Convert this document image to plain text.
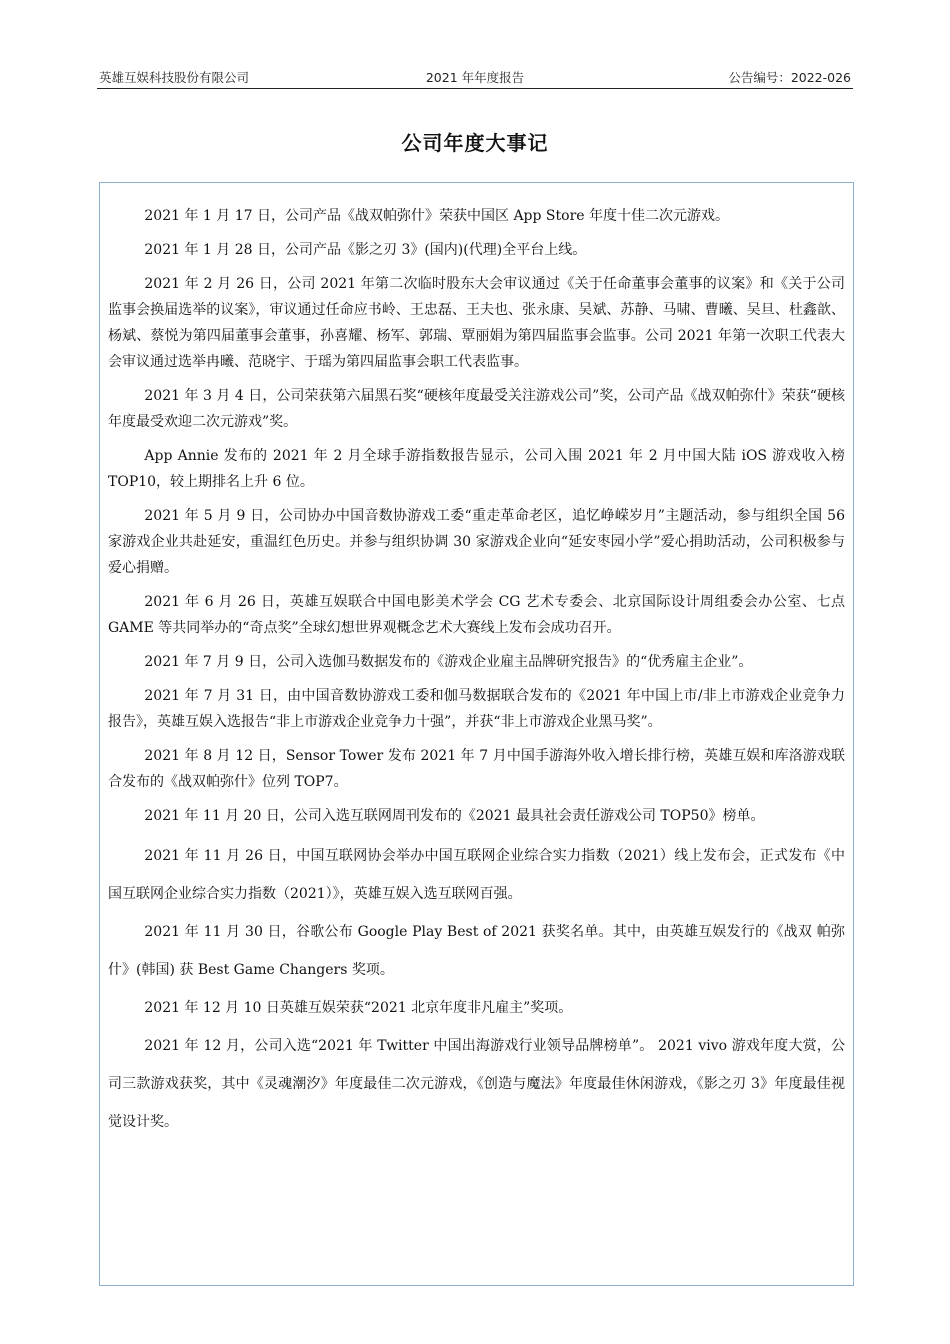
英雄互娱科技股份有限公司	2021 年年度报告	公告编号：2022-026
公司年度大事记

2021 年 1 月 17 日，公司产品《战双帕弥什》荣获中国区 App Store 年度十佳二次元游戏。

2021 年 1 月 28 日，公司产品《影之刃 3》(国内)(代理)全平台上线。

2021 年 2 月 26 日，公司 2021 年第二次临时股东大会审议通过《关于任命董事会董事的议案》和《关于公司监事会换届选举的议案》，审议通过任命应书岭、王忠磊、王夫也、张永康、吴斌、苏静、马啸、曹曦、吴旦、杜鑫歆、杨斌、蔡悦为第四届董事会董事，孙喜耀、杨军、郭瑞、覃丽娟为第四届监事会监事。公司 2021 年第一次职工代表大会审议通过选举冉曦、范晓宇、于瑶为第四届监事会职工代表监事。

2021 年 3 月 4 日，公司荣获第六届黑石奖“硬核年度最受关注游戏公司”奖，公司产品《战双帕弥什》荣获“硬核年度最受欢迎二次元游戏”奖。

App Annie 发布的 2021 年 2 月全球手游指数报告显示，公司入围 2021 年 2 月中国大陆 iOS 游戏收入榜 TOP10，较上期排名上升 6 位。

2021 年 5 月 9 日，公司协办中国音数协游戏工委“重走革命老区，追忆峥嵘岁月”主题活动，参与组织全国 56 家游戏企业共赴延安，重温红色历史。并参与组织协调 30 家游戏企业向“延安枣园小学”爱心捐助活动，公司积极参与爱心捐赠。

2021 年 6 月 26 日，英雄互娱联合中国电影美术学会 CG 艺术专委会、北京国际设计周组委会办公室、七点 GAME 等共同举办的“奇点奖”全球幻想世界观概念艺术大赛线上发布会成功召开。

2021 年 7 月 9 日，公司入选伽马数据发布的《游戏企业雇主品牌研究报告》的“优秀雇主企业”。

2021 年 7 月 31 日，由中国音数协游戏工委和伽马数据联合发布的《2021 年中国上市/非上市游戏企业竞争力报告》，英雄互娱入选报告“非上市游戏企业竞争力十强”，并获“非上市游戏企业黑马奖”。

2021 年 8 月 12 日，Sensor Tower 发布 2021 年 7 月中国手游海外收入增长排行榜，英雄互娱和库洛游戏联合发布的《战双帕弥什》位列 TOP7。

2021 年 11 月 20 日，公司入选互联网周刊发布的《2021 最具社会责任游戏公司 TOP50》榜单。

2021 年 11 月 26 日，中国互联网协会举办中国互联网企业综合实力指数（2021）线上发布会，正式发布《中国互联网企业综合实力指数（2021）》，英雄互娱入选互联网百强。

2021 年 11 月 30 日，谷歌公布 Google Play Best of 2021 获奖名单。其中，由英雄互娱发行的《战双 帕弥什》(韩国) 获 Best Game Changers 奖项。

2021 年 12 月 10 日英雄互娱荣获“2021 北京年度非凡雇主”奖项。

2021 年 12 月，公司入选“2021 年 Twitter 中国出海游戏行业领导品牌榜单”。 2021 vivo 游戏年度大赏，公司三款游戏获奖，其中《灵魂潮汐》年度最佳二次元游戏，《创造与魔法》年度最佳休闲游戏，《影之刃 3》年度最佳视觉设计奖。
